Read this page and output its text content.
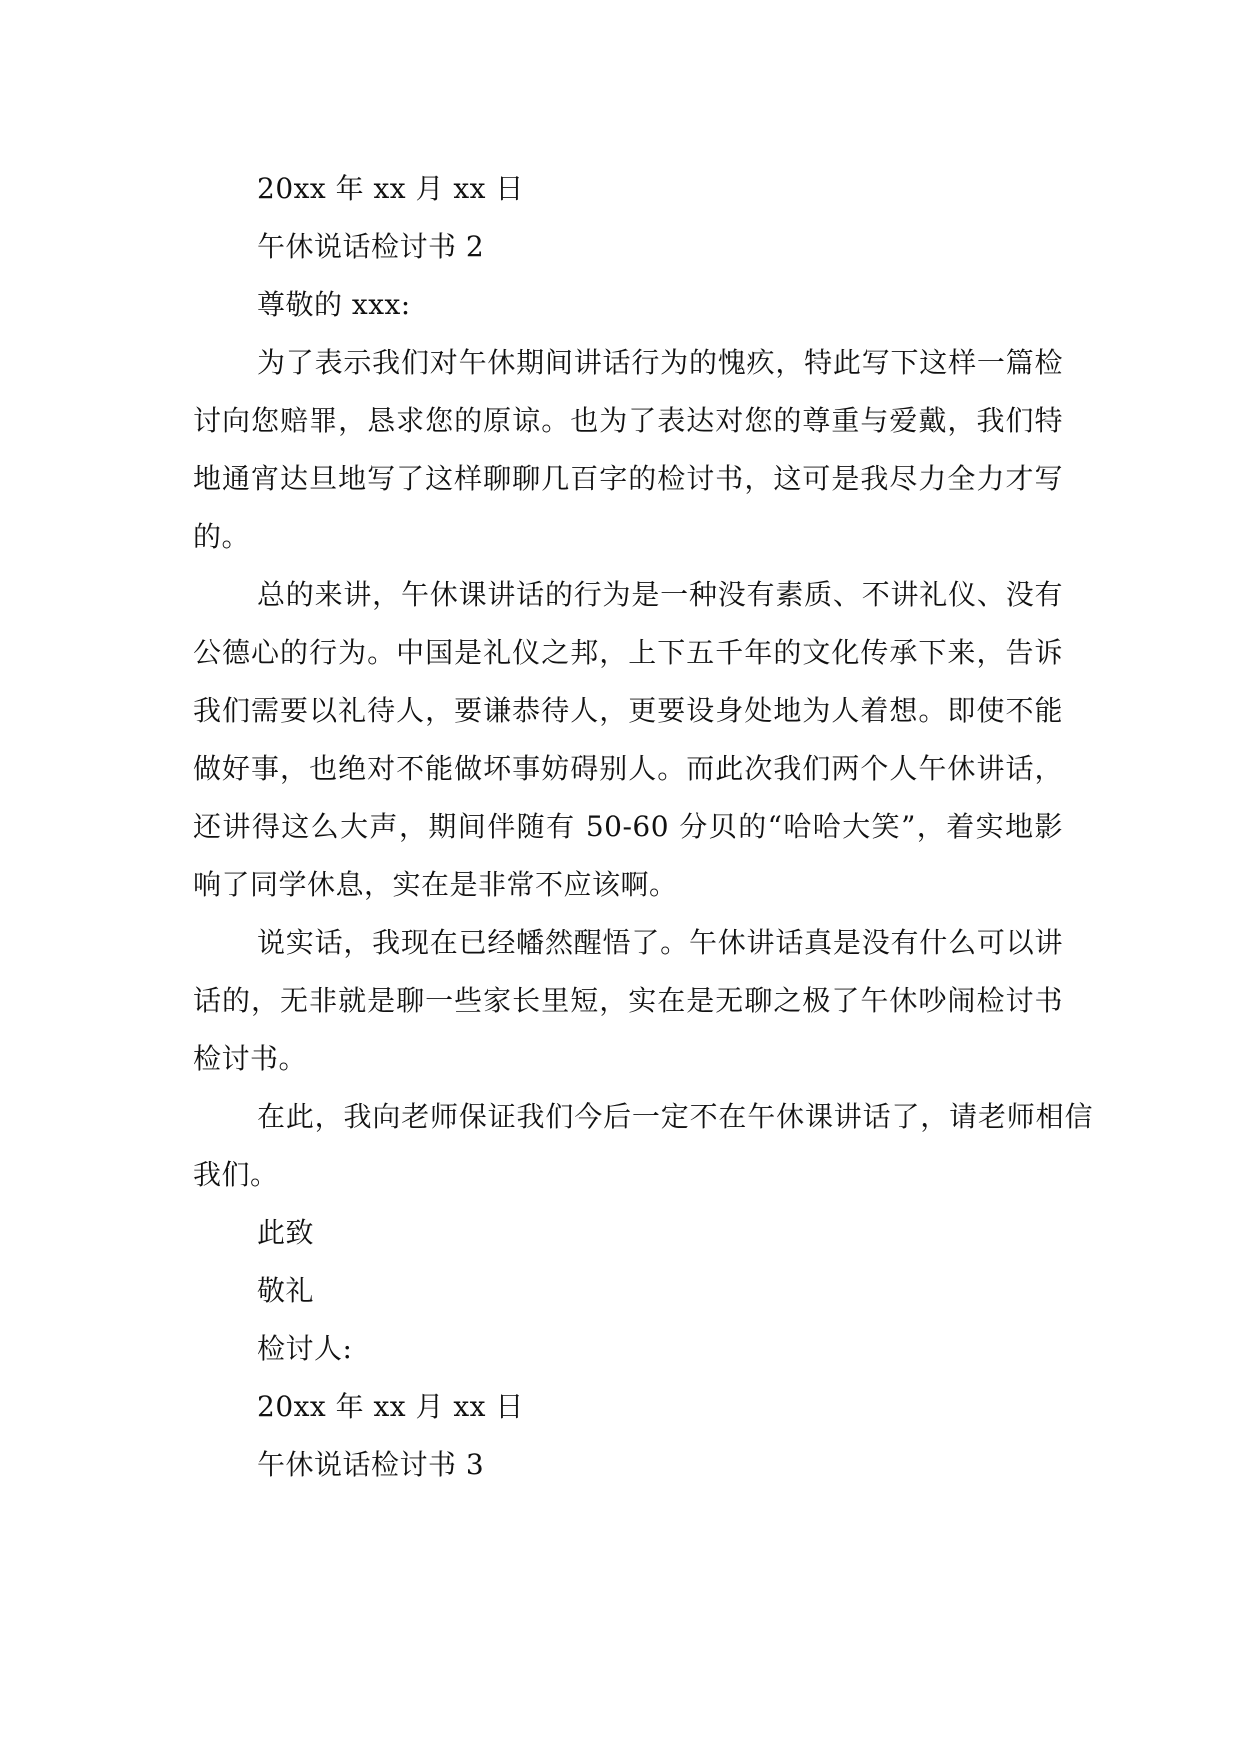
20xx 年 xx 月 xx 日

午休说话检讨书 2

尊敬的 xxx:

为了表示我们对午休期间讲话行为的愧疚，特此写下这样一篇检讨向您赔罪，恳求您的原谅。也为了表达对您的尊重与爱戴，我们特地通宵达旦地写了这样聊聊几百字的检讨书，这可是我尽力全力才写的。

总的来讲，午休课讲话的行为是一种没有素质、不讲礼仪、没有公德心的行为。中国是礼仪之邦，上下五千年的文化传承下来，告诉我们需要以礼待人，要谦恭待人，更要设身处地为人着想。即使不能做好事，也绝对不能做坏事妨碍别人。而此次我们两个人午休讲话，还讲得这么大声，期间伴随有 50-60 分贝的“哈哈大笑”，着实地影响了同学休息，实在是非常不应该啊。

说实话，我现在已经幡然醒悟了。午休讲话真是没有什么可以讲话的，无非就是聊一些家长里短，实在是无聊之极了午休吵闹检讨书检讨书。

在此，我向老师保证我们今后一定不在午休课讲话了，请老师相信我们。

此致

敬礼

检讨人:

20xx 年 xx 月 xx 日

午休说话检讨书 3
